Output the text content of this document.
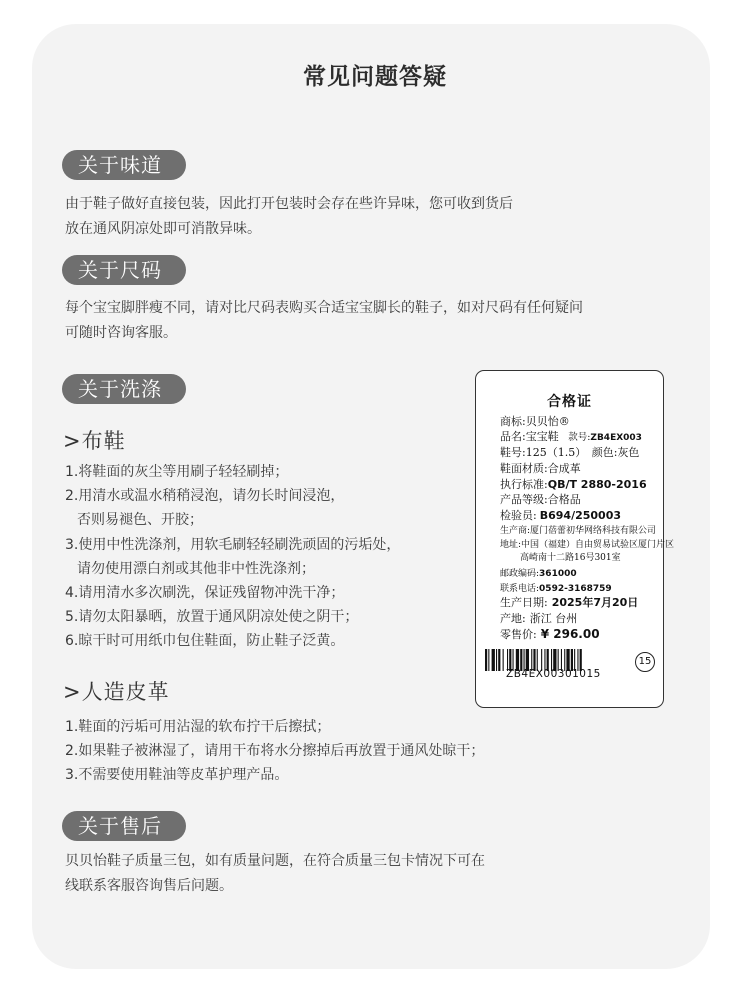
常见问题答疑
关于味道

由于鞋子做好直接包装，因此打开包装时会存在些许异味，您可收到货后
放在通风阴凉处即可消散异味。

关于尺码

每个宝宝脚胖瘦不同，请对比尺码表购买合适宝宝脚长的鞋子，如对尺码有任何疑问
可随时咨询客服。

关于洗涤
>布鞋
1.将鞋面的灰尘等用刷子轻轻刷掉；
2.用清水或温水稍稍浸泡，请勿长时间浸泡，
否则易褪色、开胶；
3.使用中性洗涤剂，用软毛刷轻轻刷洗顽固的污垢处，
请勿使用漂白剂或其他非中性洗涤剂；
4.请用清水多次刷洗，保证残留物冲洗干净；
5.请勿太阳暴晒，放置于通风阴凉处使之阴干；
6.晾干时可用纸巾包住鞋面，防止鞋子泛黄。
>人造皮革
1.鞋面的污垢可用沾湿的软布拧干后擦拭；
2.如果鞋子被淋湿了，请用干布将水分擦掉后再放置于通风处晾干；
3.不需要使用鞋油等皮革护理产品。
关于售后

贝贝怡鞋子质量三包，如有质量问题，在符合质量三包卡情况下可在
线联系客服咨询售后问题。

合格证
商标:贝贝怡®
品名:宝宝鞋 款号:ZB4EX003
鞋号:125（1.5） 颜色:灰色
鞋面材质:合成革
执行标准:QB/T 2880-2016
产品等级:合格品
检验员: B694/250003
生产商:厦门蓓蕾初华网络科技有限公司
地址:中国（福建）自由贸易试验区厦门片区
高崎南十二路16号301室
邮政编码:361000
联系电话:0592-3168759
生产日期: 2025年7月20日
产地: 浙江 台州
零售价: ¥ 296.00
ZB4EX00301015
15
